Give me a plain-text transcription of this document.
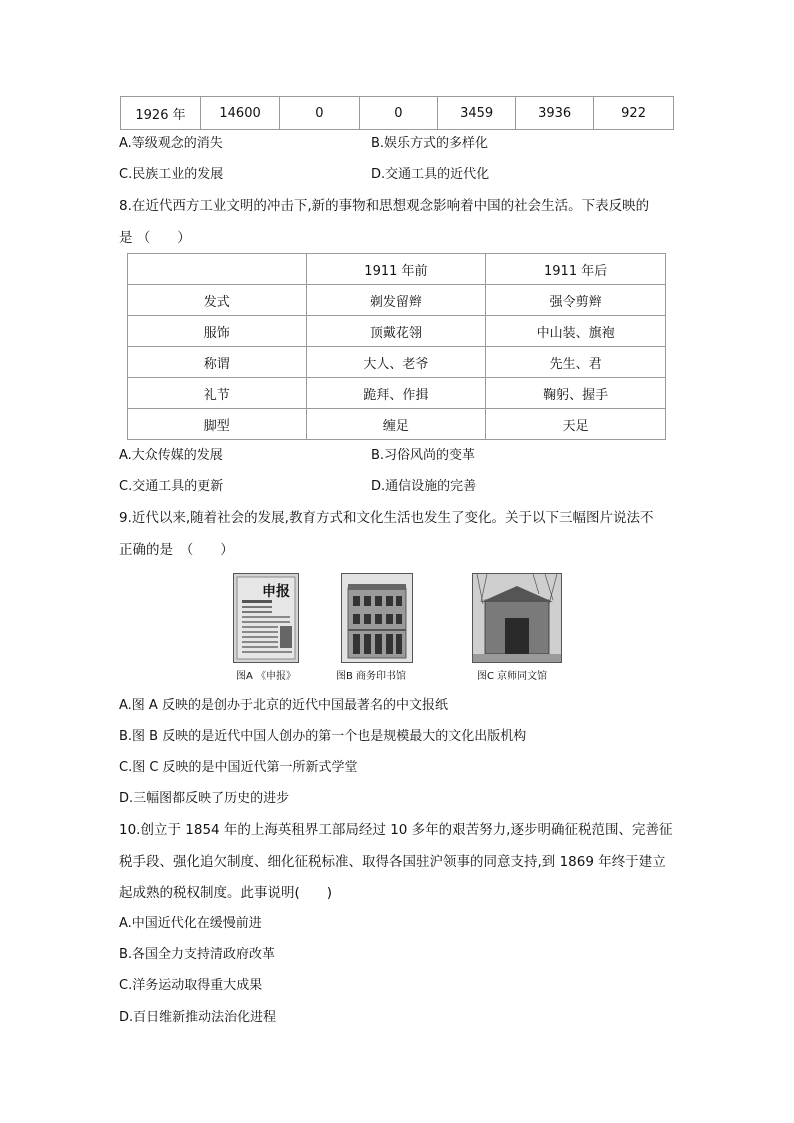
1926 年	14600	0	0	3459	3936	922
A.等级观念的消失	B.娱乐方式的多样化
C.民族工业的发展	D.交通工具的近代化
8.在近代西方工业文明的冲击下,新的事物和思想观念影响着中国的社会生活。下表反映的
是 （　　）
	1911 年前	1911 年后
发式	剃发留辫	强令剪辫
服饰	顶戴花翎	中山装、旗袍
称谓	大人、老爷	先生、君
礼节	跪拜、作揖	鞠躬、握手
脚型	缠足	天足
A.大众传媒的发展	B.习俗风尚的变革
C.交通工具的更新	D.通信设施的完善
9.近代以来,随着社会的发展,教育方式和文化生活也发生了变化。关于以下三幅图片说法不
正确的是　（　　）
申报
图A 《申报》	图B 商务印书馆	图C 京师同文馆
A.图 A 反映的是创办于北京的近代中国最著名的中文报纸
B.图 B 反映的是近代中国人创办的第一个也是规模最大的文化出版机构
C.图 C 反映的是中国近代第一所新式学堂
D.三幅图都反映了历史的进步
10.创立于 1854 年的上海英租界工部局经过 10 多年的艰苦努力,逐步明确征税范围、完善征
税手段、强化追欠制度、细化征税标准、取得各国驻沪领事的同意支持,到 1869 年终于建立
起成熟的税权制度。此事说明(　　)
A.中国近代化在缓慢前进
B.各国全力支持清政府改革
C.洋务运动取得重大成果
D.百日维新推动法治化进程
